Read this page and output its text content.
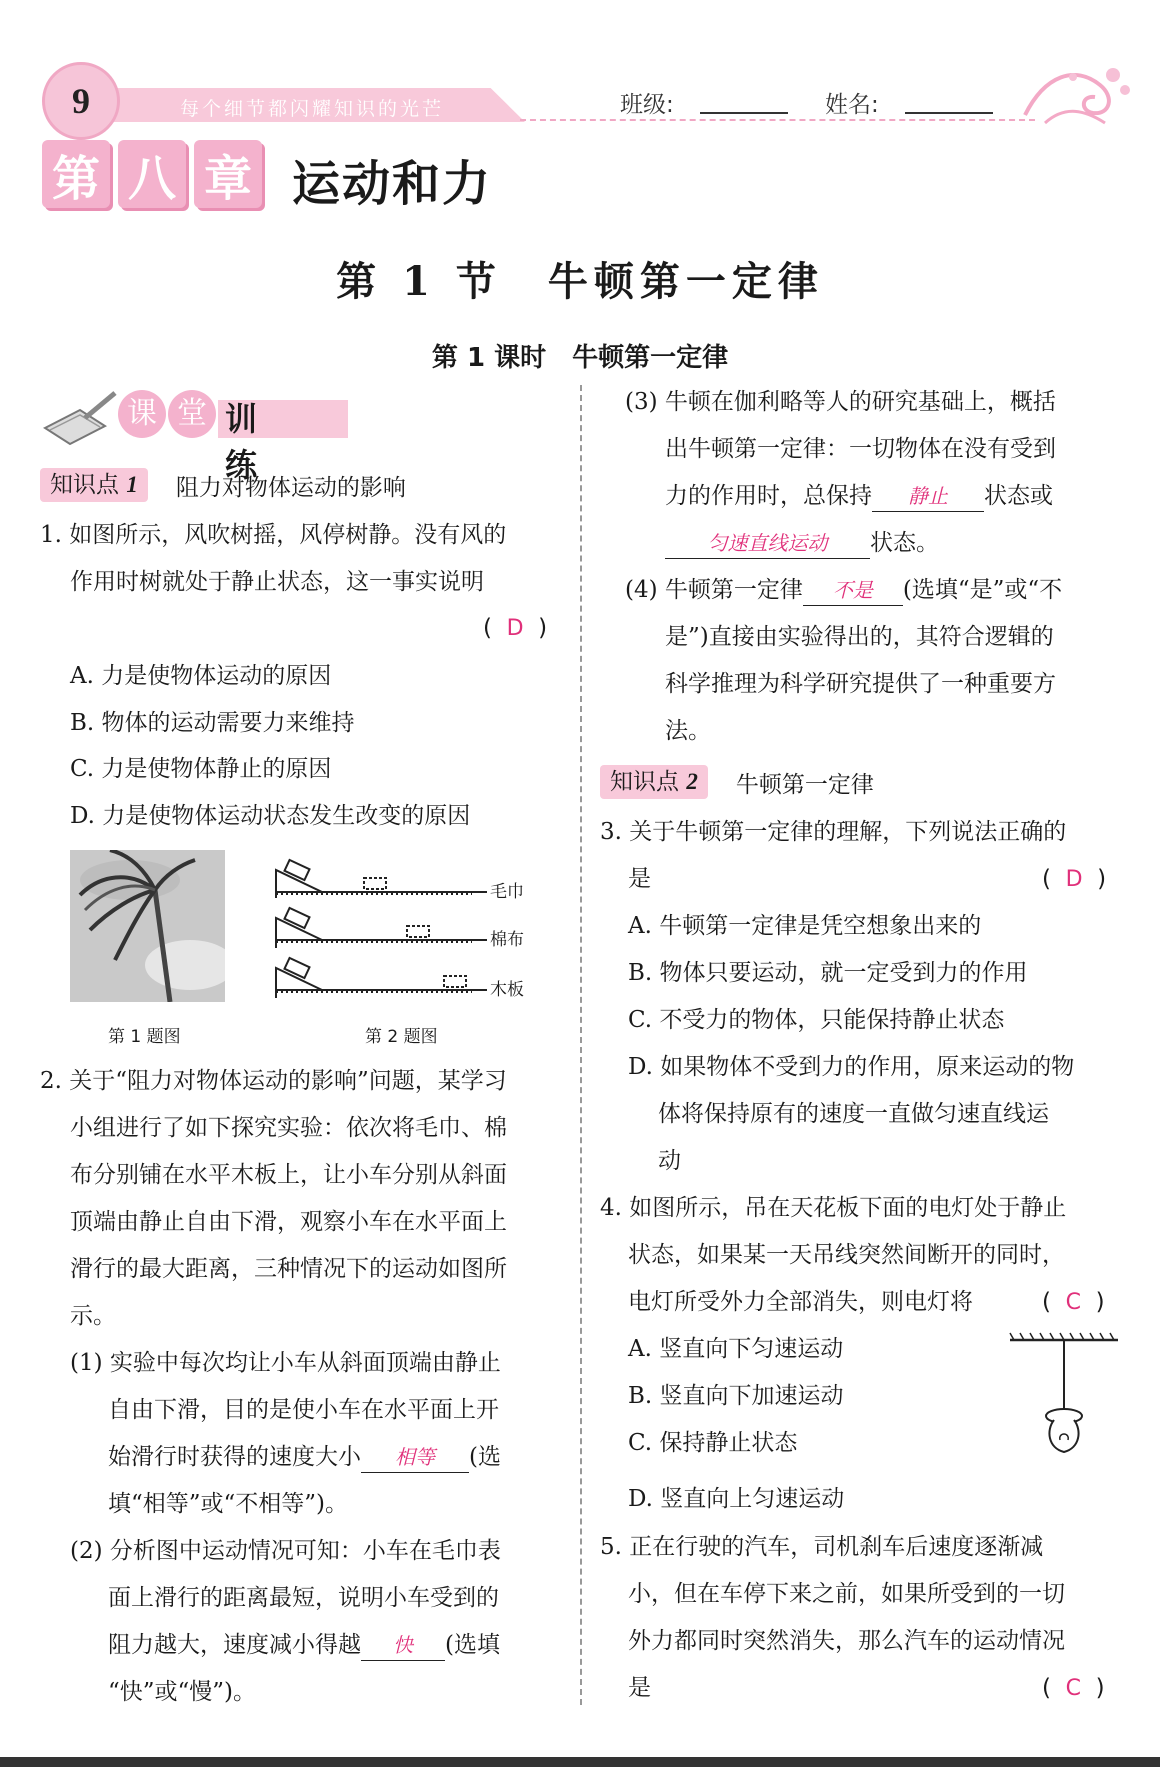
每个细节都闪耀知识的光芒
9	班级:	姓名:
第 八 章 运动和力
第 1 节　牛顿第一定律
第 1 课时　牛顿第一定律
课 堂 训练
知识点 1	阻力对物体运动的影响
1. 如图所示，风吹树摇，风停树静。没有风的
作用时树就处于静止状态，这一事实说明
(  D  )
A. 力是使物体运动的原因
B. 物体的运动需要力来维持
C. 力是使物体静止的原因
D. 力是使物体运动状态发生改变的原因
第 1 题图
毛巾
棉布
木板
第 2 题图
2. 关于“阻力对物体运动的影响”问题，某学习
小组进行了如下探究实验：依次将毛巾、棉
布分别铺在水平木板上，让小车分别从斜面
顶端由静止自由下滑，观察小车在水平面上
滑行的最大距离，三种情况下的运动如图所
示。
(1) 实验中每次均让小车从斜面顶端由静止
自由下滑，目的是使小车在水平面上开
始滑行时获得的速度大小 相等 (选
填“相等”或“不相等”)。
(2) 分析图中运动情况可知：小车在毛巾表
面上滑行的距离最短，说明小车受到的
阻力越大，速度减小得越 快 (选填
“快”或“慢”)。
(3) 牛顿在伽利略等人的研究基础上，概括
出牛顿第一定律：一切物体在没有受到
力的作用时，总保持 静止 状态或
匀速直线运动 状态。
(4) 牛顿第一定律 不是 (选填“是”或“不
是”)直接由实验得出的，其符合逻辑的
科学推理为科学研究提供了一种重要方
法。
知识点 2	牛顿第一定律
3. 关于牛顿第一定律的理解，下列说法正确的
是	(  D  )
A. 牛顿第一定律是凭空想象出来的
B. 物体只要运动，就一定受到力的作用
C. 不受力的物体，只能保持静止状态
D. 如果物体不受到力的作用，原来运动的物
体将保持原有的速度一直做匀速直线运
动
4. 如图所示，吊在天花板下面的电灯处于静止
状态，如果某一天吊线突然间断开的同时，
电灯所受外力全部消失，则电灯将	(  C  )
A. 竖直向下匀速运动
B. 竖直向下加速运动
C. 保持静止状态
D. 竖直向上匀速运动
5. 正在行驶的汽车，司机刹车后速度逐渐减
小，但在车停下来之前，如果所受到的一切
外力都同时突然消失，那么汽车的运动情况
是	(  C  )
